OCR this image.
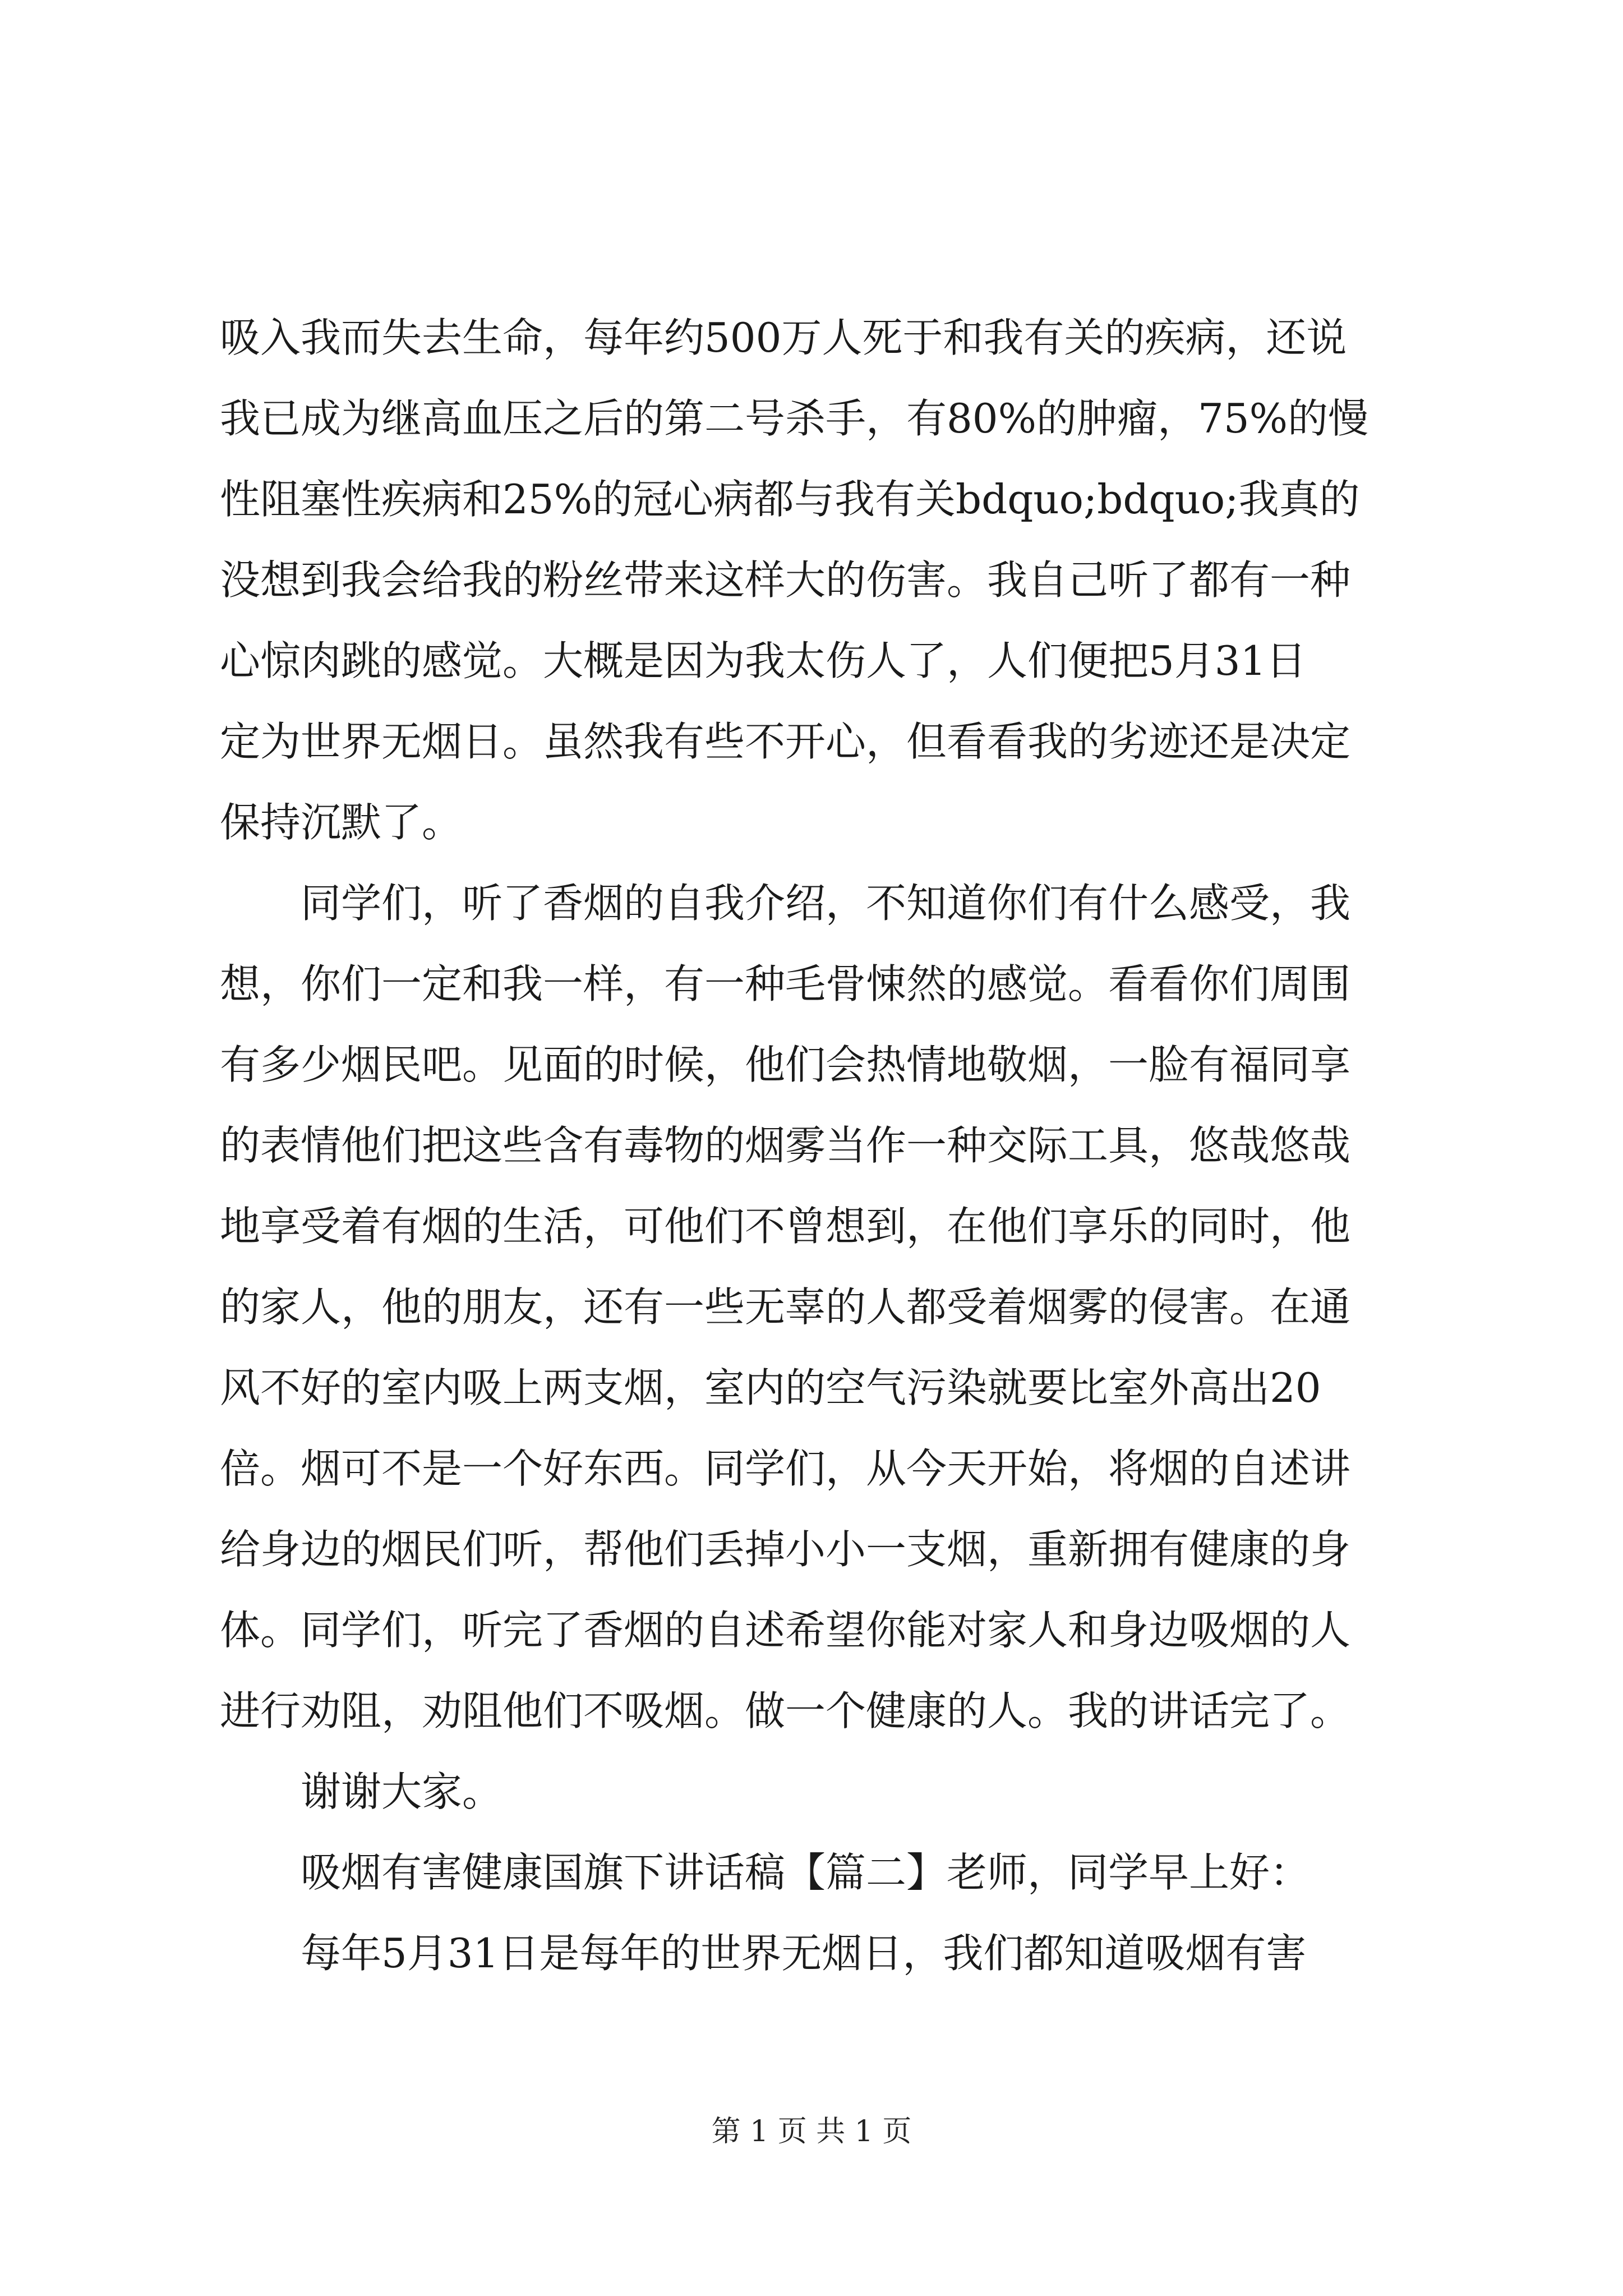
吸入我而失去生命，每年约500万人死于和我有关的疾病，还说
我已成为继高血压之后的第二号杀手，有80%的肿瘤，75%的慢
性阻塞性疾病和25%的冠心病都与我有关bdquo;bdquo;我真的
没想到我会给我的粉丝带来这样大的伤害。我自己听了都有一种
心惊肉跳的感觉。大概是因为我太伤人了，人们便把5月31日
定为世界无烟日。虽然我有些不开心，但看看我的劣迹还是决定
保持沉默了。
同学们，听了香烟的自我介绍，不知道你们有什么感受，我
想，你们一定和我一样，有一种毛骨悚然的感觉。看看你们周围
有多少烟民吧。见面的时候，他们会热情地敬烟，一脸有福同享
的表情他们把这些含有毒物的烟雾当作一种交际工具，悠哉悠哉
地享受着有烟的生活，可他们不曾想到，在他们享乐的同时，他
的家人，他的朋友，还有一些无辜的人都受着烟雾的侵害。在通
风不好的室内吸上两支烟，室内的空气污染就要比室外高出20
倍。烟可不是一个好东西。同学们，从今天开始，将烟的自述讲
给身边的烟民们听，帮他们丢掉小小一支烟，重新拥有健康的身
体。同学们，听完了香烟的自述希望你能对家人和身边吸烟的人
进行劝阻，劝阻他们不吸烟。做一个健康的人。我的讲话完了。
谢谢大家。
吸烟有害健康国旗下讲话稿【篇二】老师，同学早上好：
每年5月31日是每年的世界无烟日，我们都知道吸烟有害
第 1 页 共 1 页
